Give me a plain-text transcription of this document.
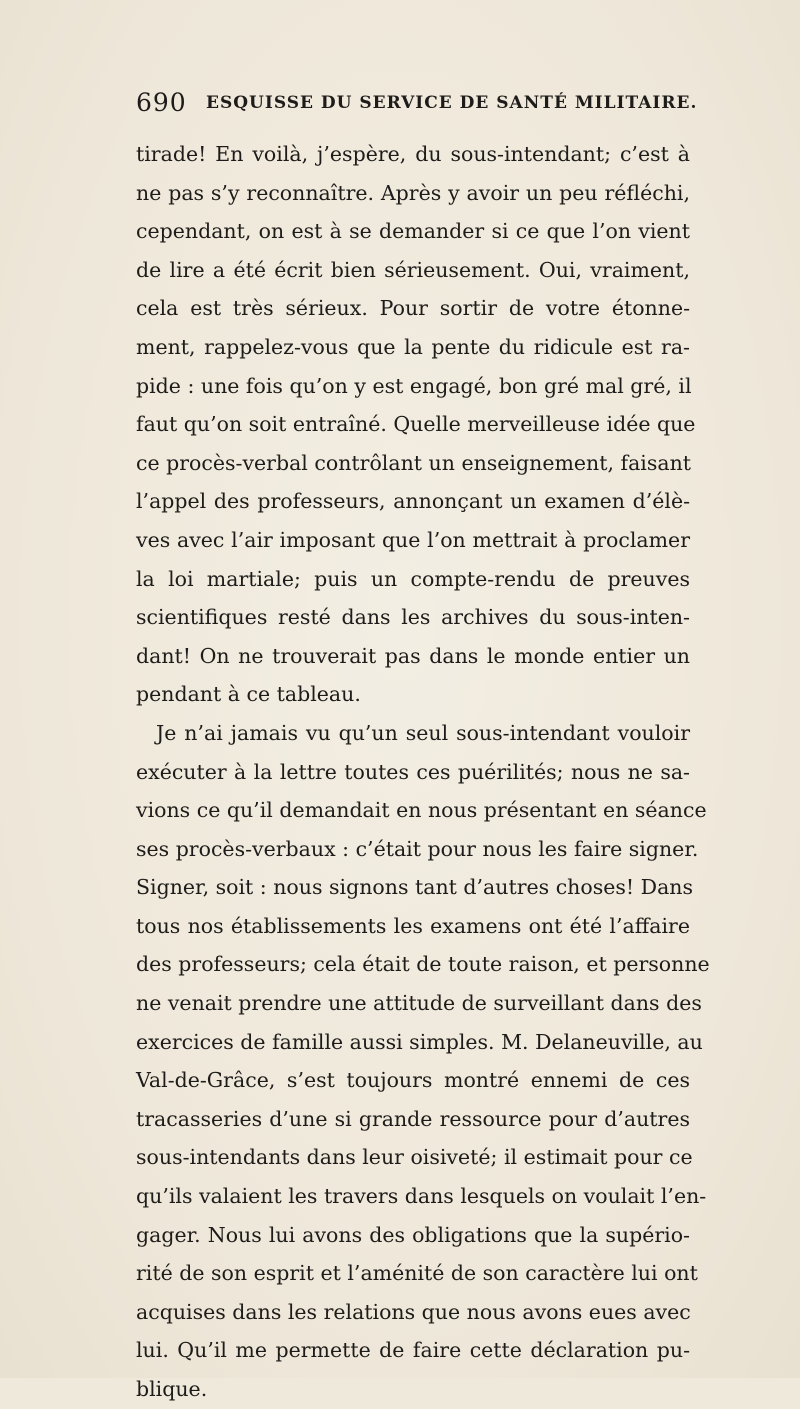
690 ESQUISSE DU SERVICE DE SANTÉ MILITAIRE.
tirade! En voilà, j’espère, du sous-intendant; c’est à
ne pas s’y reconnaître. Après y avoir un peu réfléchi,
cependant, on est à se demander si ce que l’on vient
de lire a été écrit bien sérieusement. Oui, vraiment,
cela est très sérieux. Pour sortir de votre étonne-
ment, rappelez-vous que la pente du ridicule est ra-
pide : une fois qu’on y est engagé, bon gré mal gré, il
faut qu’on soit entraîné. Quelle merveilleuse idée que
ce procès-verbal contrôlant un enseignement, faisant
l’appel des professeurs, annonçant un examen d’élè-
ves avec l’air imposant que l’on mettrait à proclamer
la loi martiale; puis un compte-rendu de preuves
scientifiques resté dans les archives du sous-inten-
dant! On ne trouverait pas dans le monde entier un
pendant à ce tableau.
Je n’ai jamais vu qu’un seul sous-intendant vouloir
exécuter à la lettre toutes ces puérilités; nous ne sa-
vions ce qu’il demandait en nous présentant en séance
ses procès-verbaux : c’était pour nous les faire signer.
Signer, soit : nous signons tant d’autres choses! Dans
tous nos établissements les examens ont été l’affaire
des professeurs; cela était de toute raison, et personne
ne venait prendre une attitude de surveillant dans des
exercices de famille aussi simples. M. Delaneuville, au
Val-de-Grâce, s’est toujours montré ennemi de ces
tracasseries d’une si grande ressource pour d’autres
sous-intendants dans leur oisiveté; il estimait pour ce
qu’ils valaient les travers dans lesquels on voulait l’en-
gager. Nous lui avons des obligations que la supério-
rité de son esprit et l’aménité de son caractère lui ont
acquises dans les relations que nous avons eues avec
lui. Qu’il me permette de faire cette déclaration pu-
blique.
